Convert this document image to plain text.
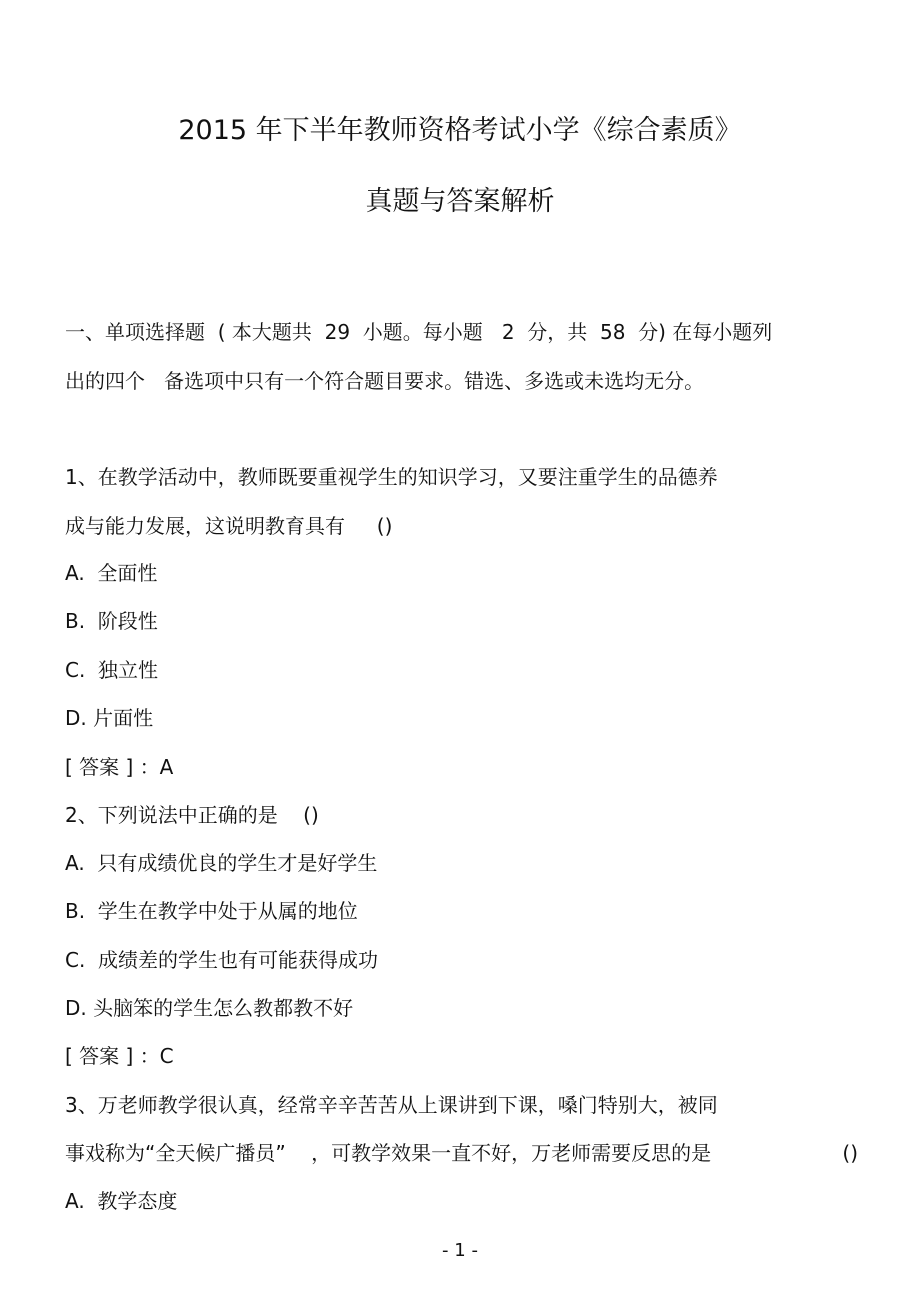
2015 年下半年教师资格考试小学《综合素质》
真题与答案解析
一、单项选择题  ( 本大题共  29  小题。每小题   2  分，共  58  分) 在每小题列
出的四个   备选项中只有一个符合题目要求。错选、多选或未选均无分。
1、在教学活动中，教师既要重视学生的知识学习，又要注重学生的品德养
成与能力发展，这说明教育具有     ()
A.  全面性
B.  阶段性
C.  独立性
D. 片面性
[ 答案 ] ：A
2、下列说法中正确的是    ()
A.  只有成绩优良的学生才是好学生
B.  学生在教学中处于从属的地位
C.  成绩差的学生也有可能获得成功
D. 头脑笨的学生怎么教都教不好
[ 答案 ] ：C
3、万老师教学很认真，经常辛辛苦苦从上课讲到下课，嗓门特别大，被同
事戏称为“全天候广播员”    ，可教学效果一直不好，万老师需要反思的是	()
A.  教学态度
- 1 -
